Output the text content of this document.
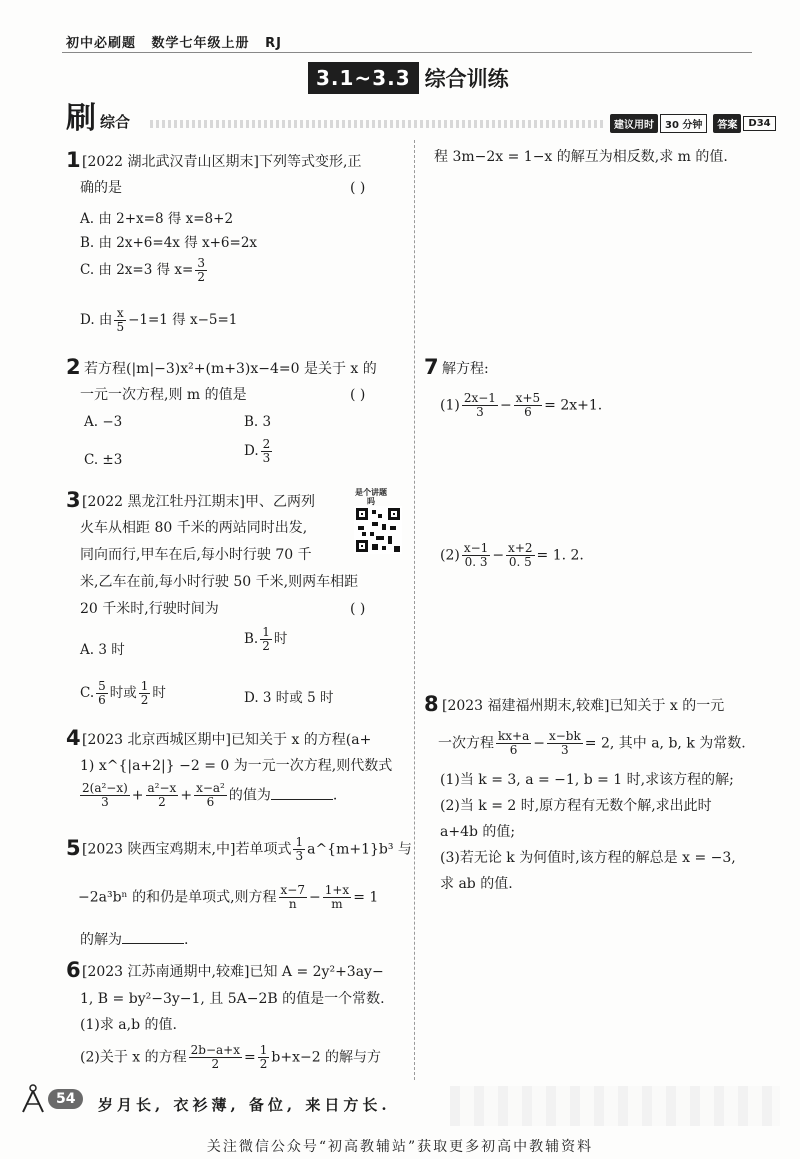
初中必刷题 数学七年级上册 RJ
3.1~3.3 综合训练
刷 综合	建议用时	30 分钟	答案	D34
1 [2022 湖北武汉青山区期末]下列等式变形,正
确的是	( )
A. 由 2+x=8 得 x=8+2
B. 由 2x+6=4x 得 x+6=2x
C. 由 2x=3 得 $x= \frac{3}{2}$
D. 由 $\frac{x}{5} -1=1$ 得 x−5=1
2 若方程(|m|−3)x²+(m+3)x−4=0 是关于 x 的
一元一次方程,则 m 的值是	( )
A. −3	B. 3
C. ±3
D. $\frac{2}{3}$
3 [2022 黑龙江牡丹江期末]甲、乙两列
火车从相距 80 千米的两站同时出发,
同向而行,甲车在后,每小时行驶 70 千
米,乙车在前,每小时行驶 50 千米,则两车相距
20 千米时,行驶时间为	( )
A. 3 时
B. $\frac{1}{2}$ 时
C. $\frac{5}{6}$ 时或 $\frac{1}{2}$ 时	D. 3 时或 5 时
是个讲题吗
4 [2023 北京西城区期中]已知关于 x 的方程(a+
1) x^{|a+2|} −2 = 0 为一元一次方程,则代数式
$\frac{\text{2(a²−x)}}{3} + \frac{\text{a²−x}}{2} + \frac{\text{x−a²}}{6}$ 的值为	.
5 [2023 陕西宝鸡期末,中]若单项式 $\frac{1}{3}$ a^{m+1}b³ 与
−2a³bⁿ 的和仍是单项式,则方程 $\frac{x-7}{n} - \frac{1+x}{m} = 1$
的解为	.
6 [2023 江苏南通期中,较难]已知 A = 2y²+3ay−
1, B = by²−3y−1, 且 5A−2B 的值是一个常数.
(1)求 a,b 的值.
(2)关于 x 的方程 $\frac{2b-a+x}{2} = \frac{1}{2} b+x-2$ 的解与方
程 3m−2x = 1−x 的解互为相反数,求 m 的值.
7 解方程:
$(1) \frac{2x-1}{3} - \frac{x+5}{6} = 2x+1$.
$(2) \frac{x-1}{0. 3} - \frac{x+2}{0. 5} = 1$. 2.
8 [2023 福建福州期末,较难]已知关于 x 的一元
一次方程 $\frac{kx+a}{6} - \frac{x-bk}{3} = 2$, 其中 a, b, k 为常数.
(1)当 k = 3, a = −1, b = 1 时,求该方程的解;
(2)当 k = 2 时,原方程有无数个解,求出此时
a+4b 的值;
(3)若无论 k 为何值时,该方程的解总是 x = −3,
求 ab 的值.
54	岁月长, 衣衫薄, 备位, 来日方长.
关注微信公众号“初高教辅站”获取更多初高中教辅资料
